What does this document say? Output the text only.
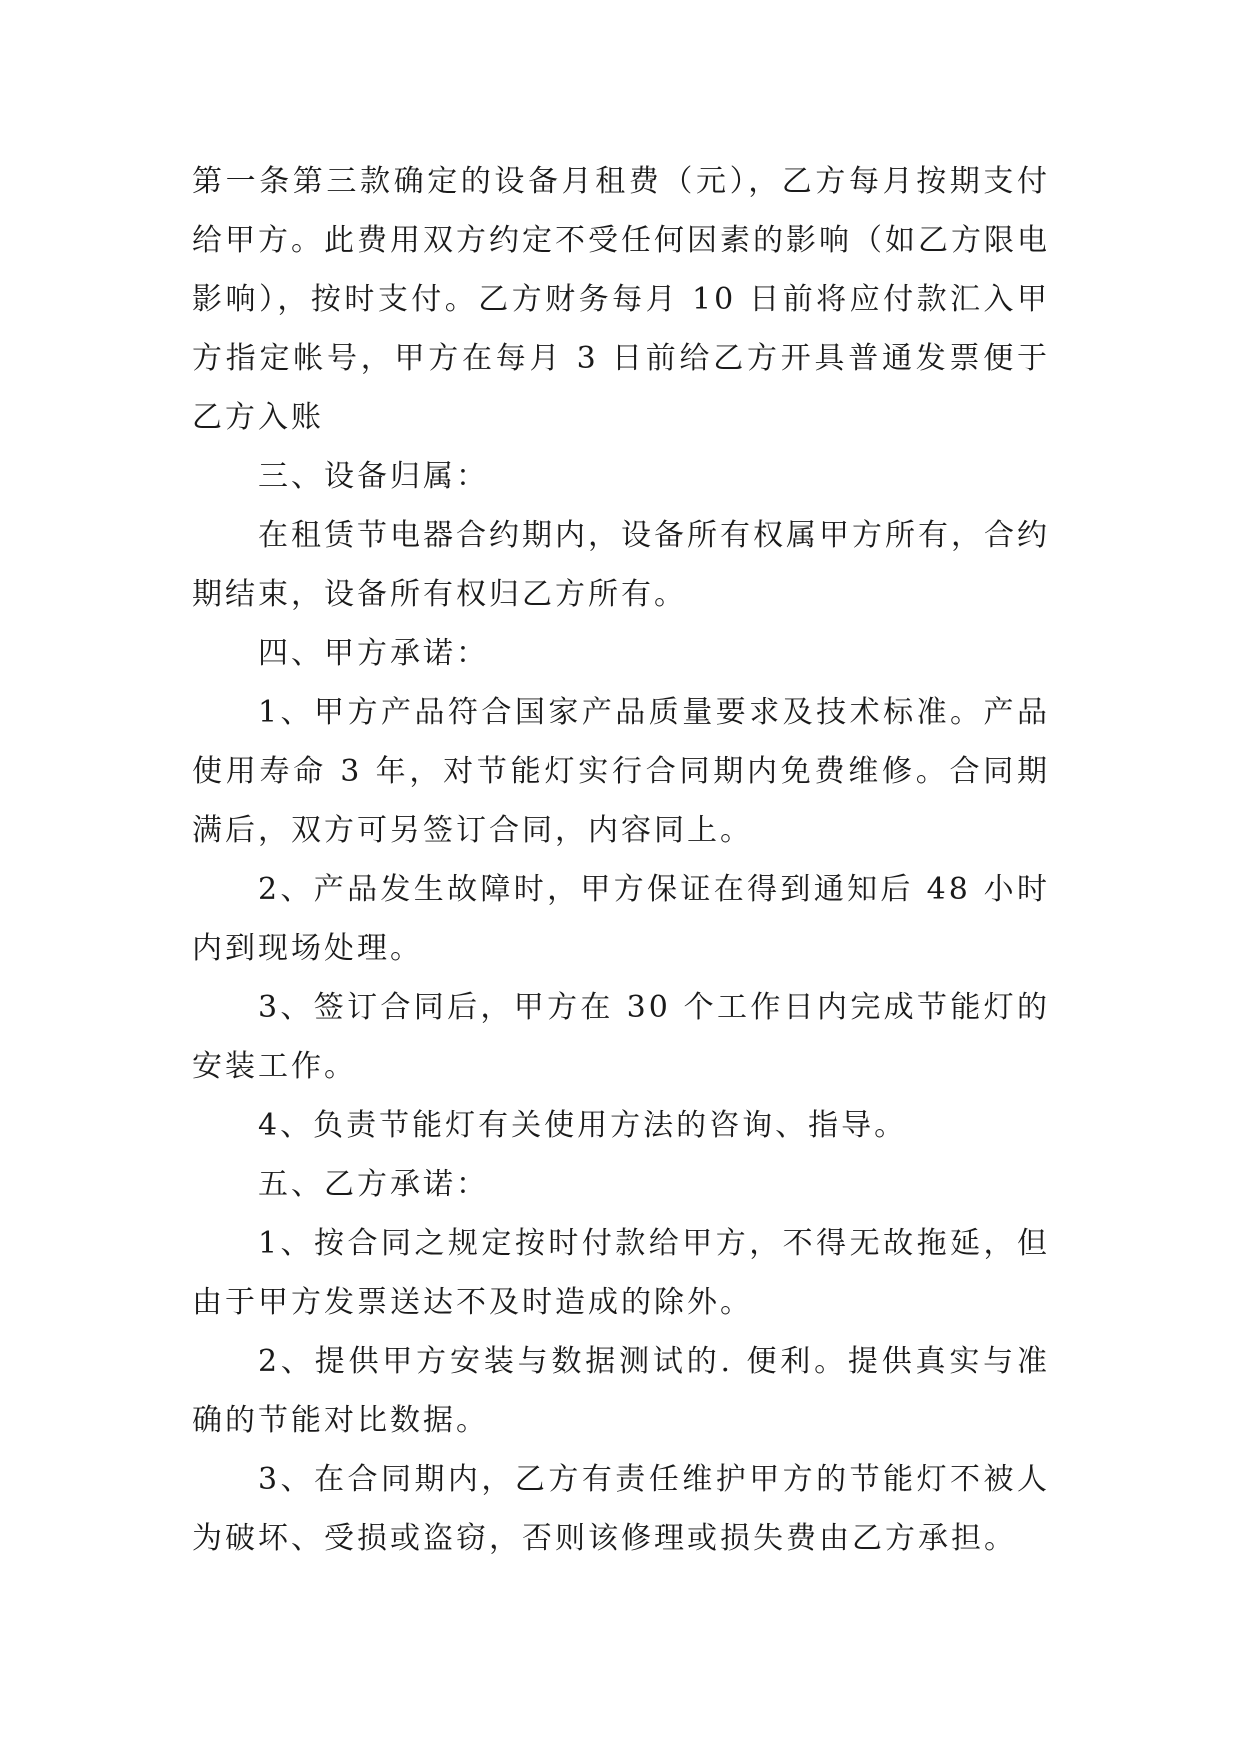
第一条第三款确定的设备月租费（元），乙方每月按期支付给甲方。此费用双方约定不受任何因素的影响（如乙方限电影响），按时支付。乙方财务每月 10 日前将应付款汇入甲方指定帐号，甲方在每月 3 日前给乙方开具普通发票便于乙方入账

三、设备归属：

在租赁节电器合约期内，设备所有权属甲方所有，合约期结束，设备所有权归乙方所有。

四、甲方承诺：

1、甲方产品符合国家产品质量要求及技术标准。产品使用寿命 3 年，对节能灯实行合同期内免费维修。合同期满后，双方可另签订合同，内容同上。

2、产品发生故障时，甲方保证在得到通知后 48 小时内到现场处理。

3、签订合同后，甲方在 30 个工作日内完成节能灯的安装工作。

4、负责节能灯有关使用方法的咨询、指导。

五、乙方承诺：

1、按合同之规定按时付款给甲方，不得无故拖延，但由于甲方发票送达不及时造成的除外。

2、提供甲方安装与数据测试的. 便利。提供真实与准确的节能对比数据。

3、在合同期内，乙方有责任维护甲方的节能灯不被人为破坏、受损或盗窃，否则该修理或损失费由乙方承担。
